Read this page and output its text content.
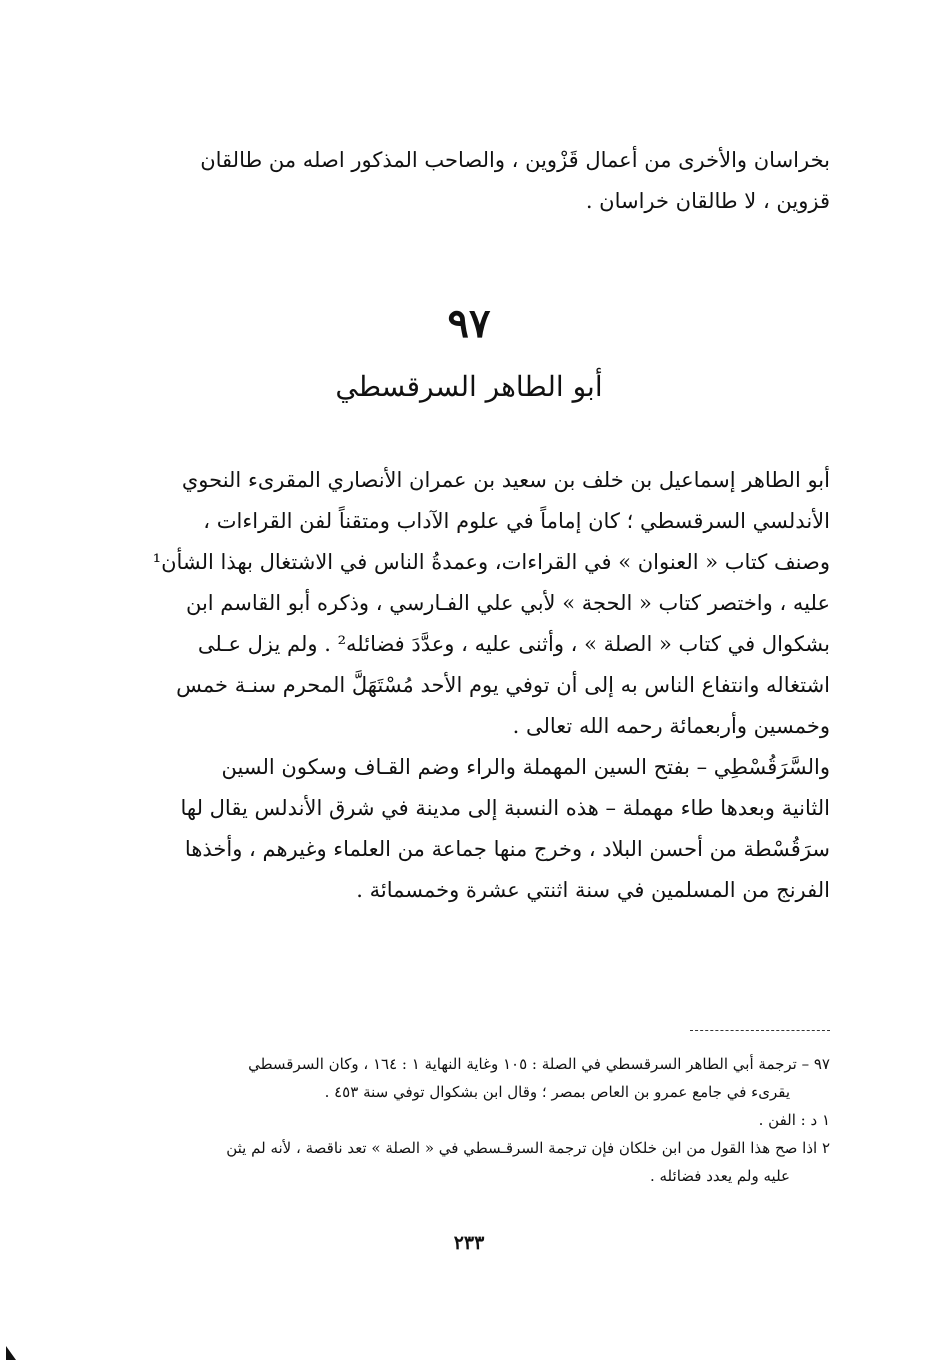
بخراسان والأخرى من أعمال قَزْوين ، والصاحب المذكور اصله من طالقان
قزوين ، لا طالقان خراسان .
٩٧
أبو الطاهر السرقسطي
أبو الطاهر إسماعيل بن خلف بن سعيد بن عمران الأنصاري المقرىء النحوي
الأندلسي السرقسطي ؛ كان إماماً في علوم الآداب ومتقناً لفن القراءات ،
وصنف كتاب « العنوان » في القراءات، وعمدةُ الناس في الاشتغال بهذا الشأن¹
عليه ، واختصر كتاب « الحجة » لأبي علي الفـارسي ، وذكره أبو القاسم ابن
بشكوال في كتاب « الصلة » ، وأثنى عليه ، وعدَّدَ فضائله² . ولم يزل عـلى
اشتغاله وانتفاع الناس به إلى أن توفي يوم الأحد مُسْتَهَلَّ المحرم سنـة خمس
وخمسين وأربعمائة رحمه الله تعالى .
والسَّرَقُسْطِي – بفتح السين المهملة والراء وضم القـاف وسكون السين
الثانية وبعدها طاء مهملة – هذه النسبة إلى مدينة في شرق الأندلس يقال لها
سرَقُسْطة من أحسن البلاد ، وخرج منها جماعة من العلماء وغيرهم ، وأخذها
الفرنج من المسلمين في سنة اثنتي عشرة وخمسمائة .
٩٧ – ترجمة أبي الطاهر السرقسطي في الصلة : ١٠٥ وغاية النهاية ١ : ١٦٤ ، وكان السرقسطي
يقرىء في جامع عمرو بن العاص بمصر ؛ وقال ابن بشكوال توفي سنة ٤٥٣ .
١ د : الفن .
٢ اذا صح هذا القول من ابن خلكان فإن ترجمة السرقـسطي في « الصلة » تعد ناقصة ، لأنه لم يثن
عليه ولم يعدد فضائله .
٢٣٣
